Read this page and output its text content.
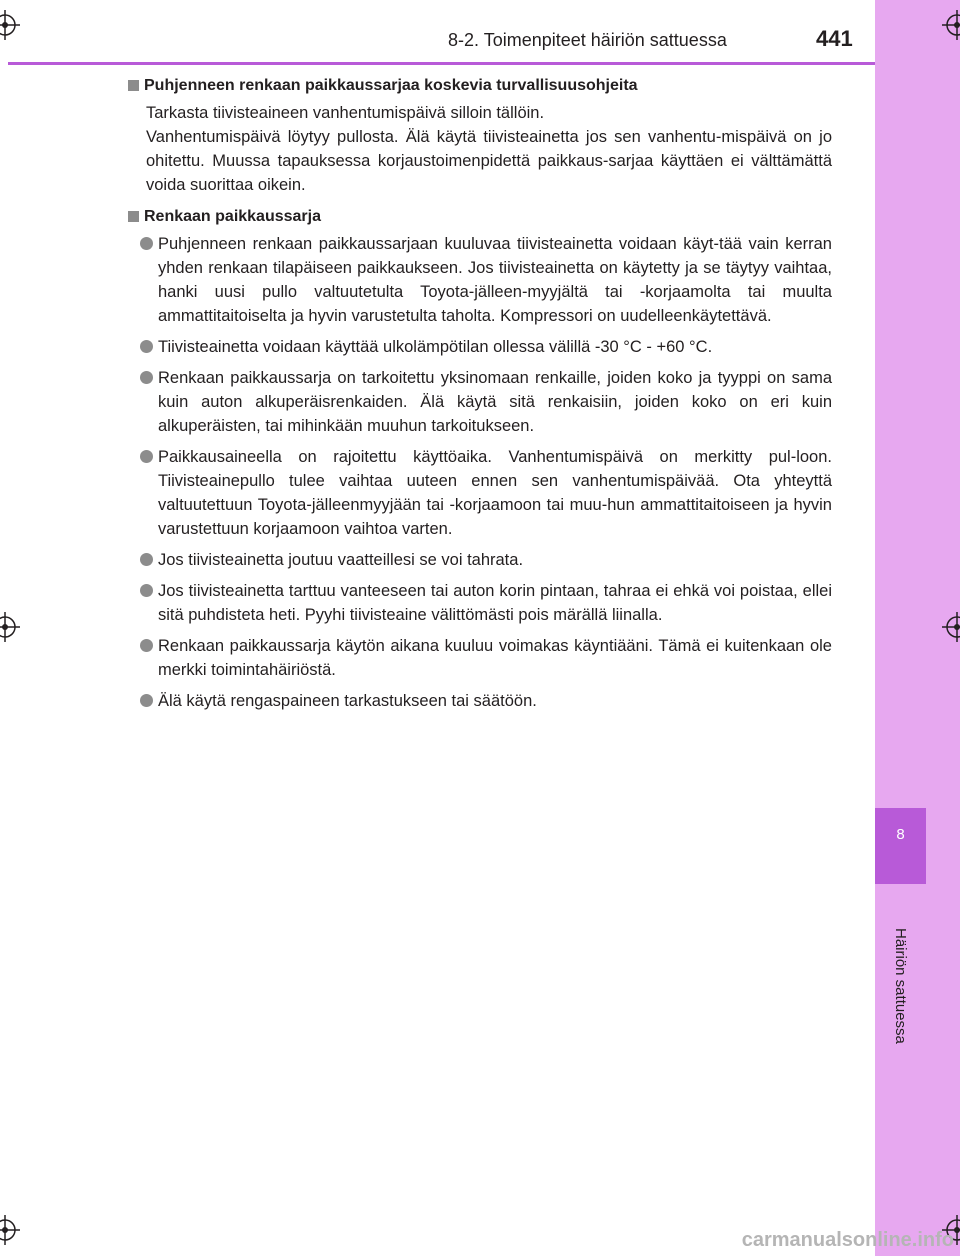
8
Häiriön sattuessa
8-2. Toimenpiteet häiriön sattuessa	441
Puhjenneen renkaan paikkaussarjaa koskevia turvallisuusohjeita
Tarkasta tiivisteaineen vanhentumispäivä silloin tällöin.
Vanhentumispäivä löytyy pullosta. Älä käytä tiivisteainetta jos sen vanhentu-mispäivä on jo ohitettu. Muussa tapauksessa korjaustoimenpidettä paikkaus-sarjaa käyttäen ei välttämättä voida suorittaa oikein.
Renkaan paikkaussarja
Puhjenneen renkaan paikkaussarjaan kuuluvaa tiivisteainetta voidaan käyt-tää vain kerran yhden renkaan tilapäiseen paikkaukseen. Jos tiivisteainetta on käytetty ja se täytyy vaihtaa, hanki uusi pullo valtuutetulta Toyota-jälleen-myyjältä tai -korjaamolta tai muulta ammattitaitoiselta ja hyvin varustetulta taholta. Kompressori on uudelleenkäytettävä.
Tiivisteainetta voidaan käyttää ulkolämpötilan ollessa välillä -30 °C - +60 °C.
Renkaan paikkaussarja on tarkoitettu yksinomaan renkaille, joiden koko ja tyyppi on sama kuin auton alkuperäisrenkaiden. Älä käytä sitä renkaisiin, joiden koko on eri kuin alkuperäisten, tai mihinkään muuhun tarkoitukseen.
Paikkausaineella on rajoitettu käyttöaika. Vanhentumispäivä on merkitty pul-loon. Tiivisteainepullo tulee vaihtaa uuteen ennen sen vanhentumispäivää. Ota yhteyttä valtuutettuun Toyota-jälleenmyyjään tai -korjaamoon tai muu-hun ammattitaitoiseen ja hyvin varustettuun korjaamoon vaihtoa varten.
Jos tiivisteainetta joutuu vaatteillesi se voi tahrata.
Jos tiivisteainetta tarttuu vanteeseen tai auton korin pintaan, tahraa ei ehkä voi poistaa, ellei sitä puhdisteta heti. Pyyhi tiivisteaine välittömästi pois märällä liinalla.
Renkaan paikkaussarja käytön aikana kuuluu voimakas käyntiääni. Tämä ei kuitenkaan ole merkki toimintahäiriöstä.
Älä käytä rengaspaineen tarkastukseen tai säätöön.
carmanualsonline.info
